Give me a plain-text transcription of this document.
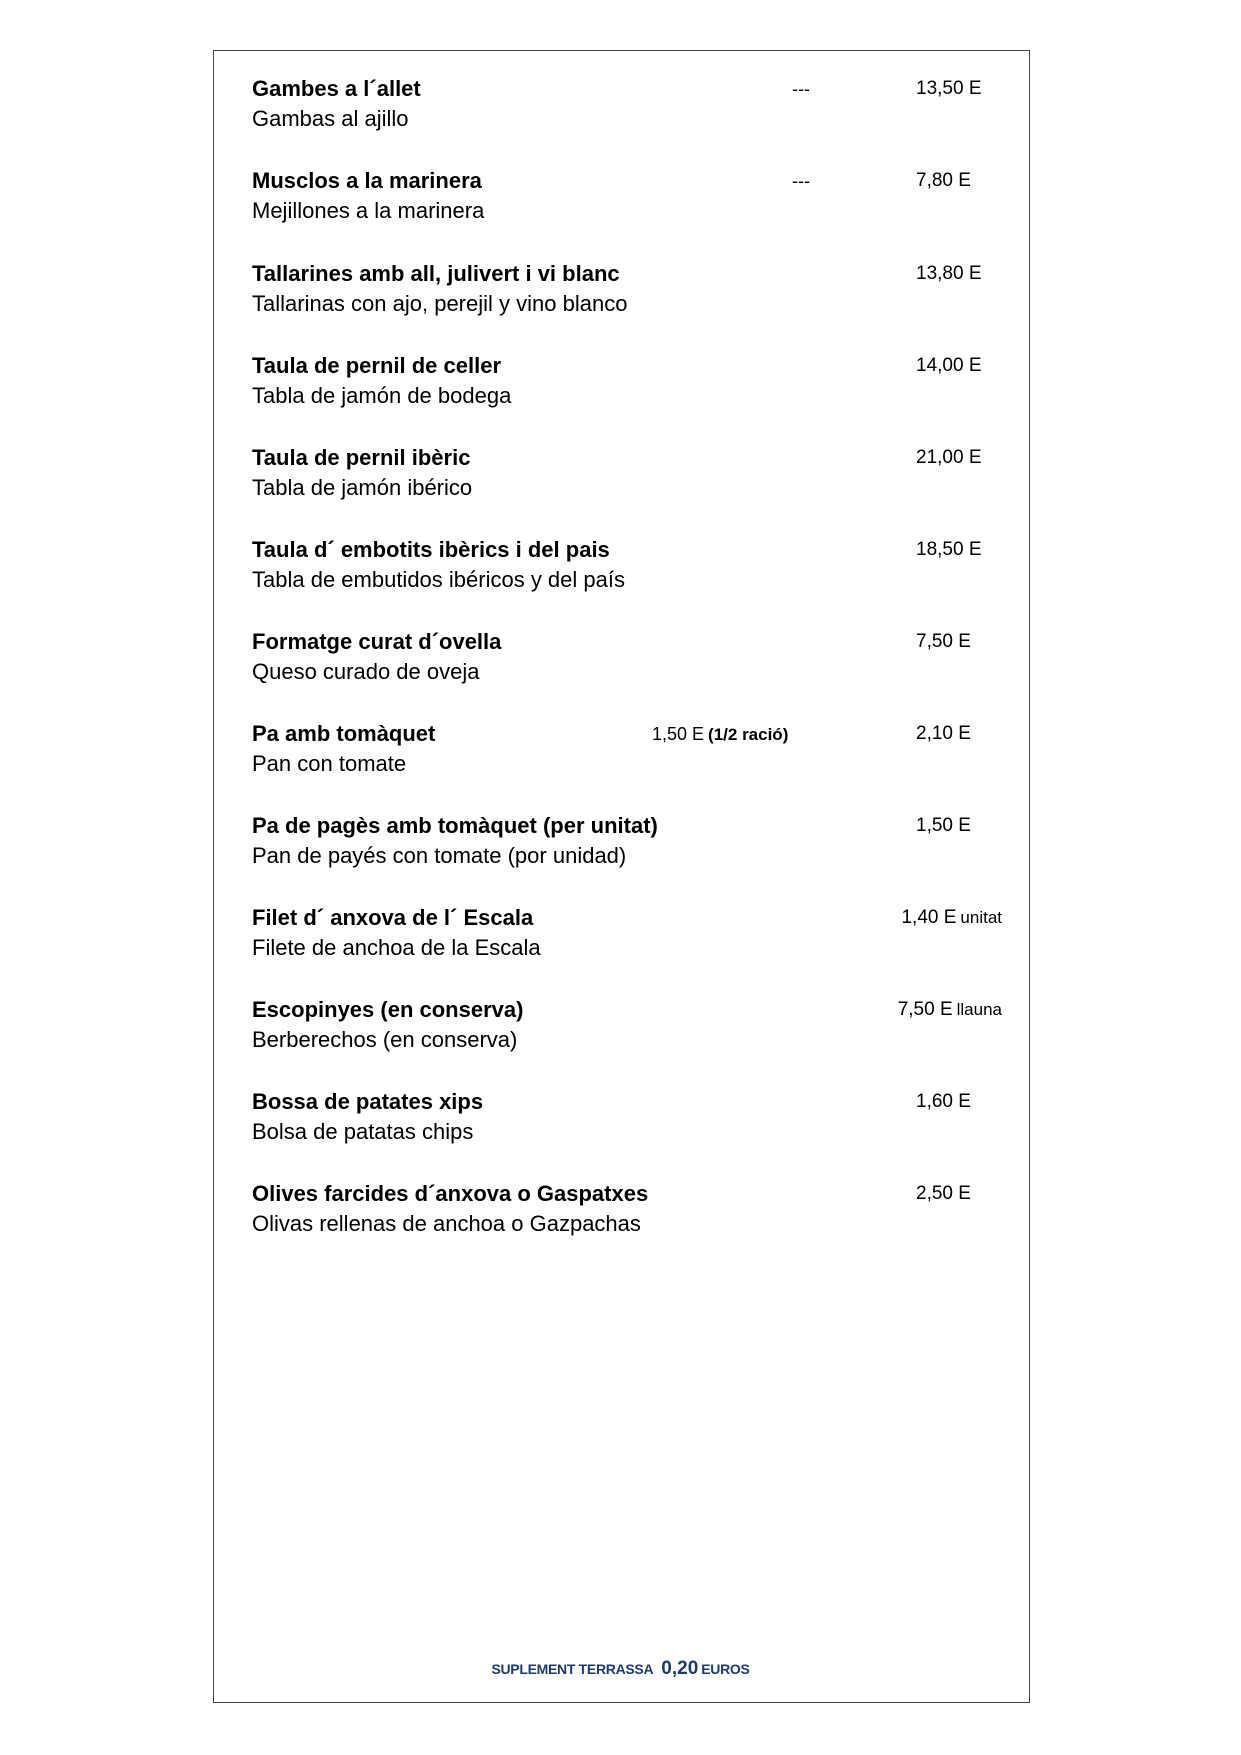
Gambes a l´allet
Gambas al ajillo
---	13,50 E
Musclos a la marinera
Mejillones a la marinera
---	7,80 E
Tallarines amb all, julivert i vi blanc
Tallarinas con ajo, perejil y vino blanco
13,80 E
Taula de pernil de celler
Tabla de jamón de bodega
14,00 E
Taula de pernil ibèric
Tabla de jamón ibérico
21,00 E
Taula d´ embotits ibèrics i del pais
Tabla de embutidos ibéricos y del país
18,50 E
Formatge curat d´ovella
Queso curado de oveja
7,50 E
Pa amb tomàquet
Pan con tomate
1,50 E (1/2 ració)	2,10 E
Pa de pagès amb tomàquet (per unitat)
Pan de payés con tomate (por unidad)
1,50 E
Filet d´ anxova de l´ Escala
Filete de anchoa de la Escala
1,40 E unitat
Escopinyes (en conserva)
Berberechos (en conserva)
7,50 E llauna
Bossa de patates xips
Bolsa de patatas chips
1,60 E
Olives farcides d´anxova o Gaspatxes
Olivas rellenas de anchoa o Gazpachas
2,50 E
SUPLEMENT TERRASSA 0,20 EUROS
